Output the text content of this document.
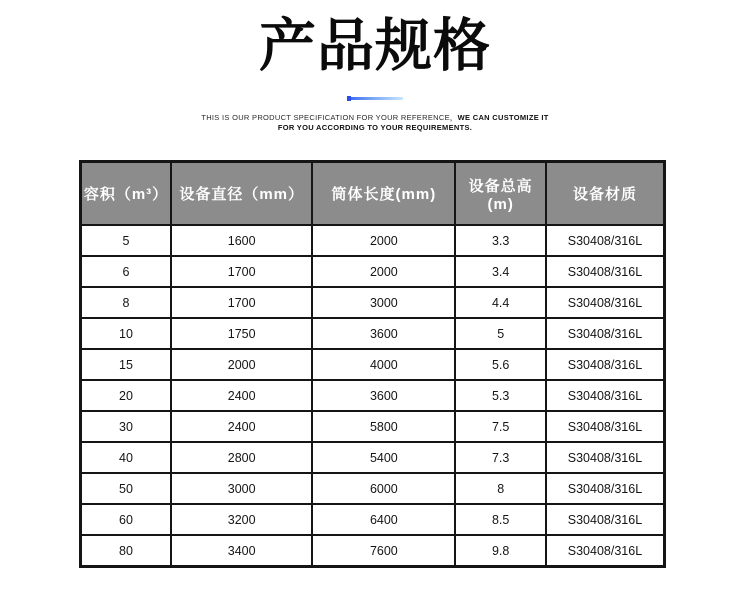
产品规格
THIS IS OUR PRODUCT SPECIFICATION FOR YOUR REFERENCE，WE CAN CUSTOMIZE IT
FOR YOU ACCORDING TO YOUR REQUIREMENTS.
容积（m³）	设备直径（mm）	筒体长度(mm)	设备总高(m)	设备材质
5	1600	2000	3.3	S30408/316L
6	1700	2000	3.4	S30408/316L
8	1700	3000	4.4	S30408/316L
10	1750	3600	5	S30408/316L
15	2000	4000	5.6	S30408/316L
20	2400	3600	5.3	S30408/316L
30	2400	5800	7.5	S30408/316L
40	2800	5400	7.3	S30408/316L
50	3000	6000	8	S30408/316L
60	3200	6400	8.5	S30408/316L
80	3400	7600	9.8	S30408/316L
